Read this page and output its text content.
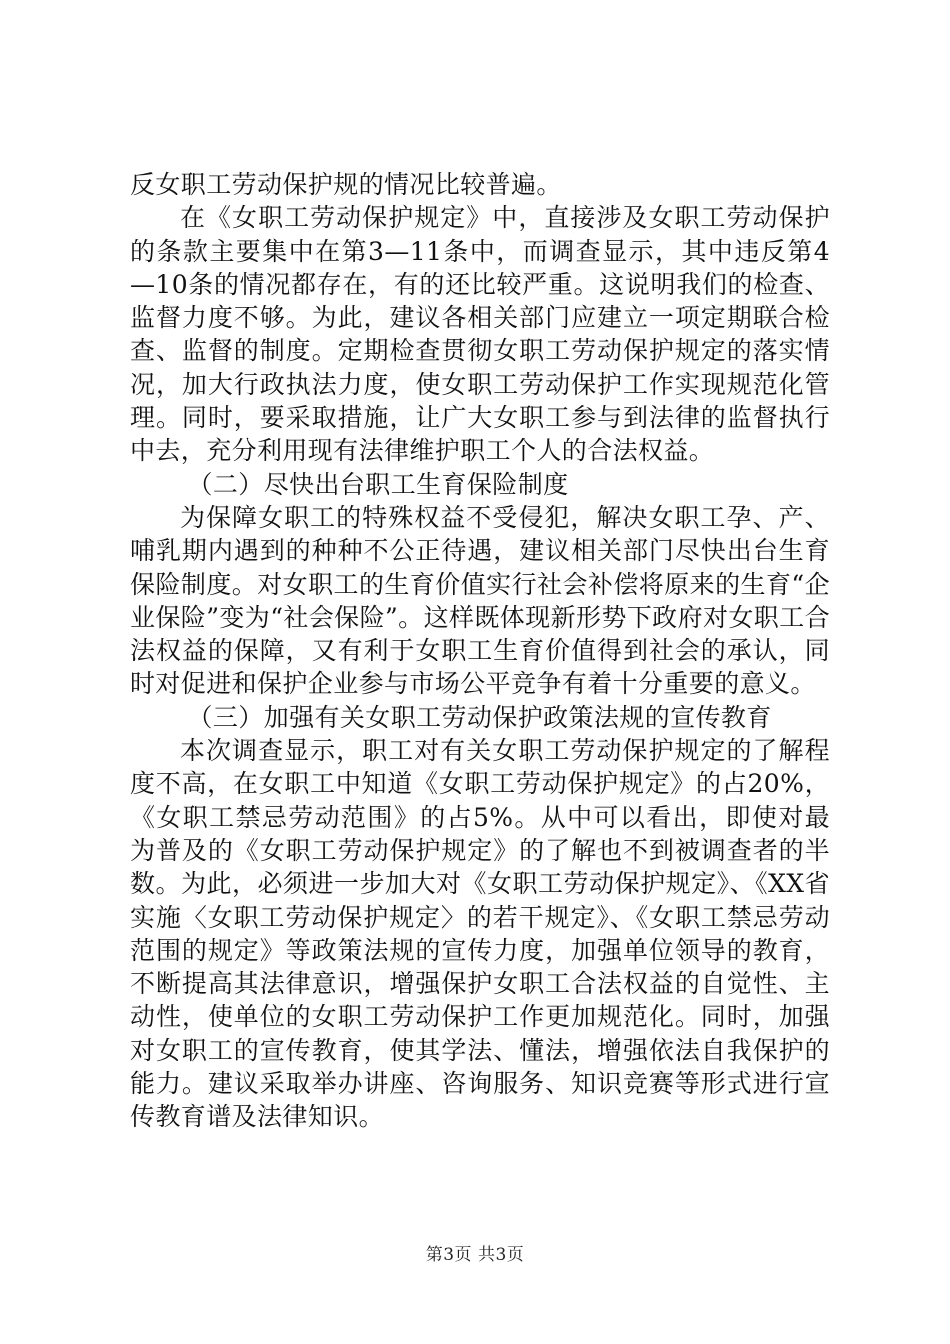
反女职工劳动保护规的情况比较普遍。

在《女职工劳动保护规定》中，直接涉及女职工劳动保护的条款主要集中在第3—11条中，而调查显示，其中违反第4—10条的情况都存在，有的还比较严重。这说明我们的检查、监督力度不够。为此，建议各相关部门应建立一项定期联合检查、监督的制度。定期检查贯彻女职工劳动保护规定的落实情况，加大行政执法力度，使女职工劳动保护工作实现规范化管理。同时，要采取措施，让广大女职工参与到法律的监督执行中去，充分利用现有法律维护职工个人的合法权益。

（二）尽快出台职工生育保险制度

为保障女职工的特殊权益不受侵犯，解决女职工孕、产、哺乳期内遇到的种种不公正待遇，建议相关部门尽快出台生育保险制度。对女职工的生育价值实行社会补偿将原来的生育“企业保险”变为“社会保险”。这样既体现新形势下政府对女职工合法权益的保障，又有利于女职工生育价值得到社会的承认，同时对促进和保护企业参与市场公平竞争有着十分重要的意义。

（三）加强有关女职工劳动保护政策法规的宣传教育

本次调查显示，职工对有关女职工劳动保护规定的了解程度不高，在女职工中知道《女职工劳动保护规定》的占20%，《女职工禁忌劳动范围》的占5%。从中可以看出，即使对最为普及的《女职工劳动保护规定》的了解也不到被调查者的半数。为此，必须进一步加大对《女职工劳动保护规定》、《XX省实施〈女职工劳动保护规定〉的若干规定》、《女职工禁忌劳动范围的规定》等政策法规的宣传力度，加强单位领导的教育，不断提高其法律意识，增强保护女职工合法权益的自觉性、主动性，使单位的女职工劳动保护工作更加规范化。同时，加强对女职工的宣传教育，使其学法、懂法，增强依法自我保护的能力。建议采取举办讲座、咨询服务、知识竞赛等形式进行宣传教育谱及法律知识。

第3页 共3页
